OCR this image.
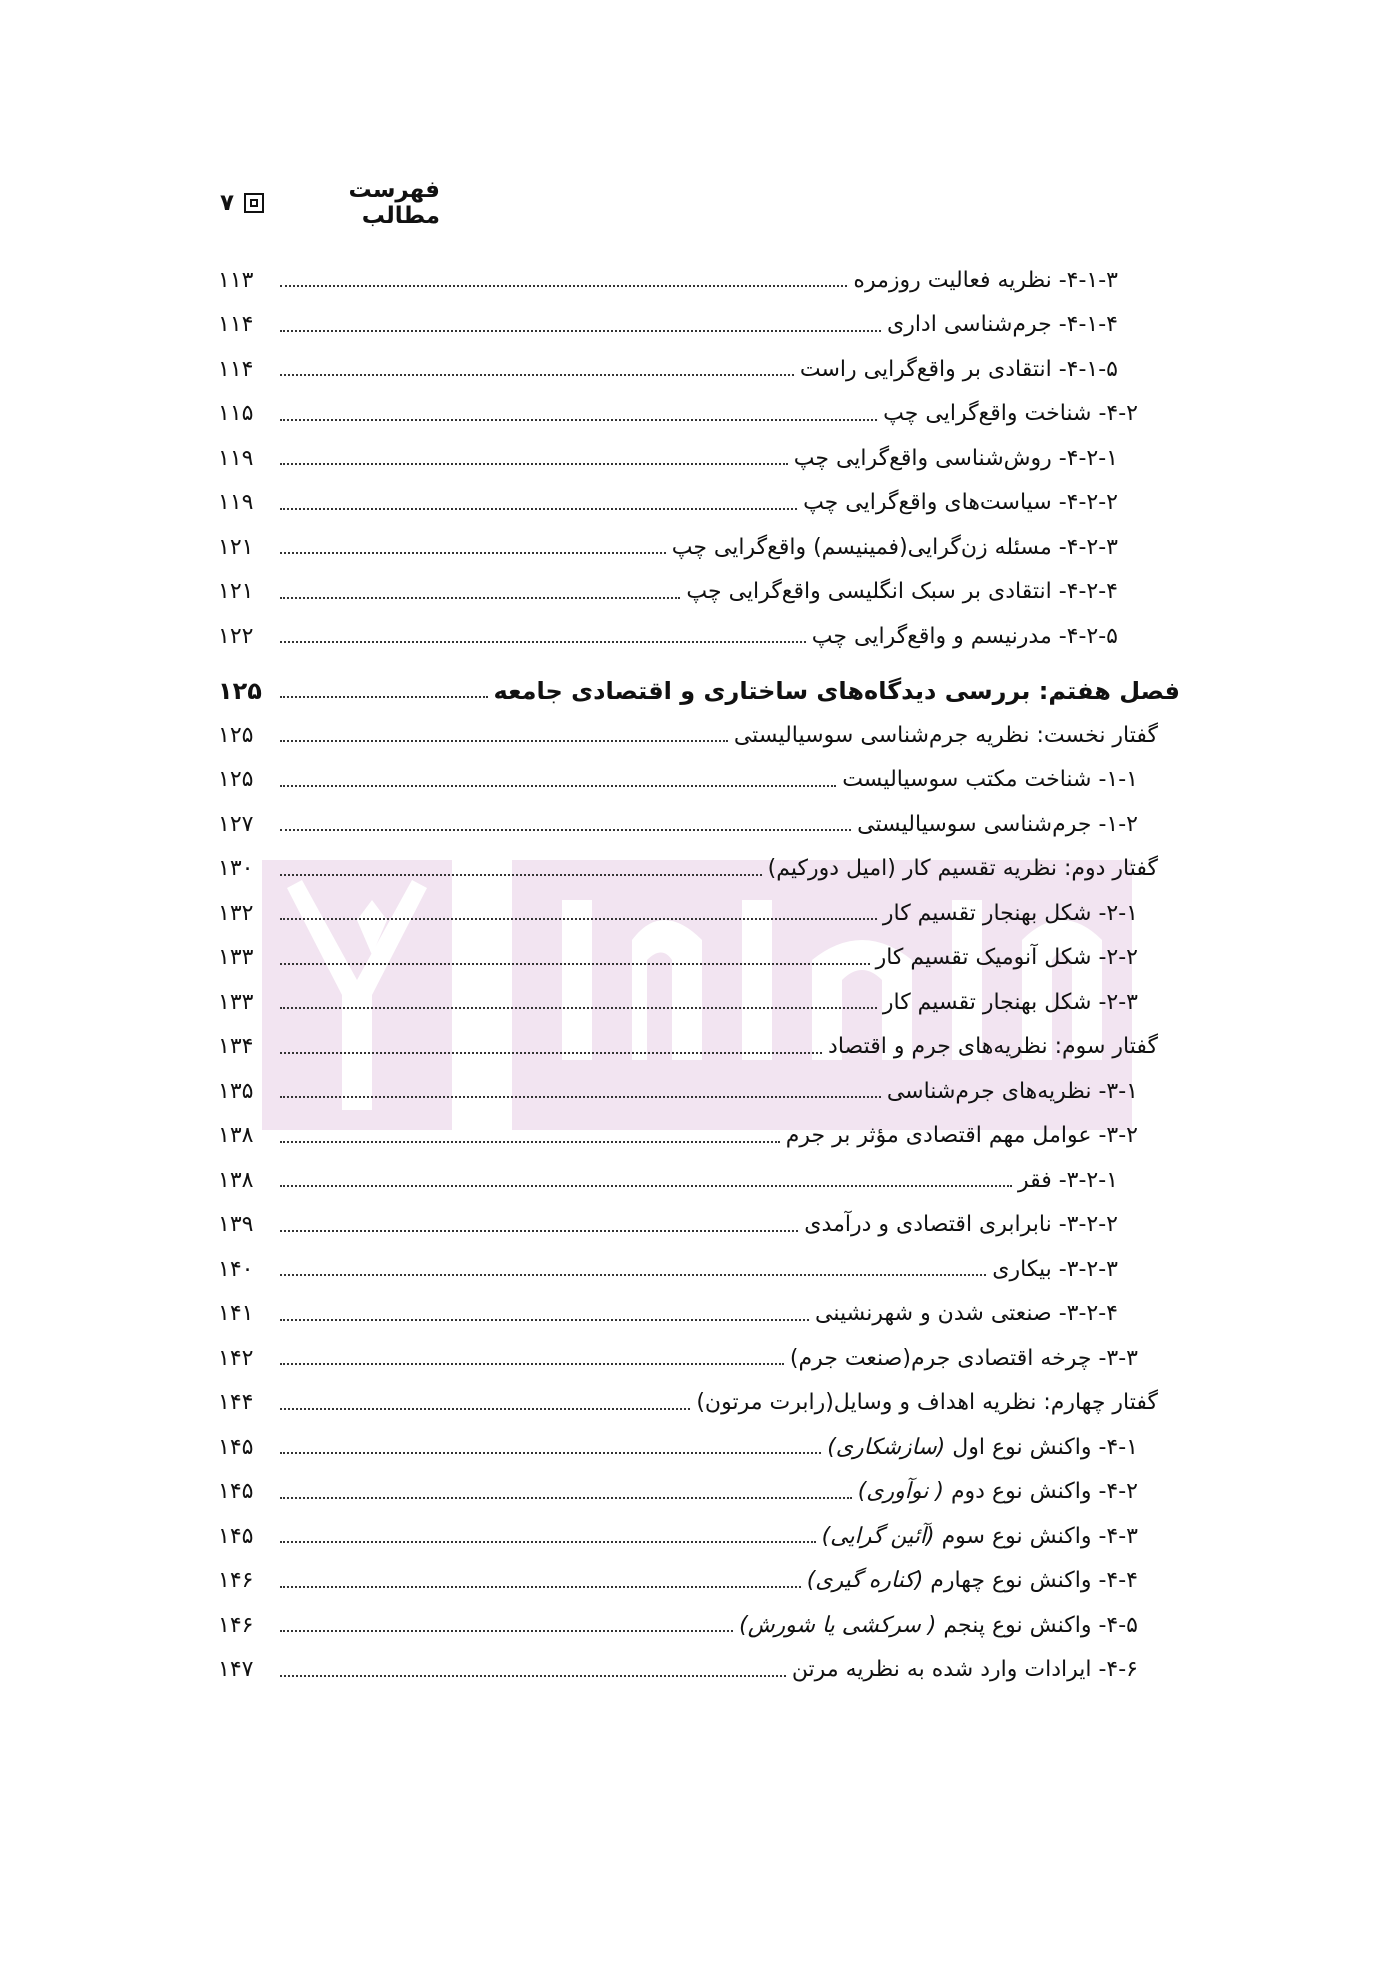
فهرست مطالب
۷
۴-۱-۳- نظریه فعالیت روزمره
۱۱۳
۴-۱-۴- جرم‌شناسی اداری
۱۱۴
۴-۱-۵- انتقادی بر واقع‌گرایی راست
۱۱۴
۴-۲- شناخت واقع‌گرایی چپ
۱۱۵
۴-۲-۱- روش‌شناسی واقع‌گرایی چپ
۱۱۹
۴-۲-۲- سیاست‌های واقع‌گرایی چپ
۱۱۹
۴-۲-۳- مسئله زن‌گرایی(فمینیسم) واقع‌گرایی چپ
۱۲۱
۴-۲-۴- انتقادی بر سبک انگلیسی واقع‌گرایی چپ
۱۲۱
۴-۲-۵- مدرنیسم و واقع‌گرایی چپ
۱۲۲
فصل هفتم: بررسی دیدگاه‌های ساختاری و اقتصادی جامعه
۱۲۵
گفتار نخست: نظریه جرم‌شناسی سوسیالیستی
۱۲۵
۱-۱- شناخت مکتب سوسیالیست
۱۲۵
۱-۲- جرم‌شناسی سوسیالیستی
۱۲۷
گفتار دوم: نظریه تقسیم کار (امیل دورکیم)
۱۳۰
۲-۱- شکل بهنجار تقسیم کار
۱۳۲
۲-۲- شکل آنومیک تقسیم کار
۱۳۳
۲-۳- شکل بهنجار تقسیم کار
۱۳۳
گفتار سوم: نظریه‌های جرم و اقتصاد
۱۳۴
۳-۱- نظریه‌های جرم‌شناسی
۱۳۵
۳-۲- عوامل مهم اقتصادی مؤثر بر جرم
۱۳۸
۳-۲-۱- فقر
۱۳۸
۳-۲-۲- نابرابری اقتصادی و درآمدی
۱۳۹
۳-۲-۳- بیکاری
۱۴۰
۳-۲-۴- صنعتی شدن و شهرنشینی
۱۴۱
۳-۳- چرخه اقتصادی جرم(صنعت جرم)
۱۴۲
گفتار چهارم: نظریه اهداف و وسایل(رابرت مرتون)
۱۴۴
۴-۱- واکنش نوع اول (سازشکاری)
۱۴۵
۴-۲- واکنش نوع دوم ( نوآوری)
۱۴۵
۴-۳- واکنش نوع سوم (آئین گرایی)
۱۴۵
۴-۴- واکنش نوع چهارم (کناره گیری)
۱۴۶
۴-۵- واکنش نوع پنجم ( سرکشی یا شورش)
۱۴۶
۴-۶- ایرادات وارد شده به نظریه مرتن
۱۴۷
